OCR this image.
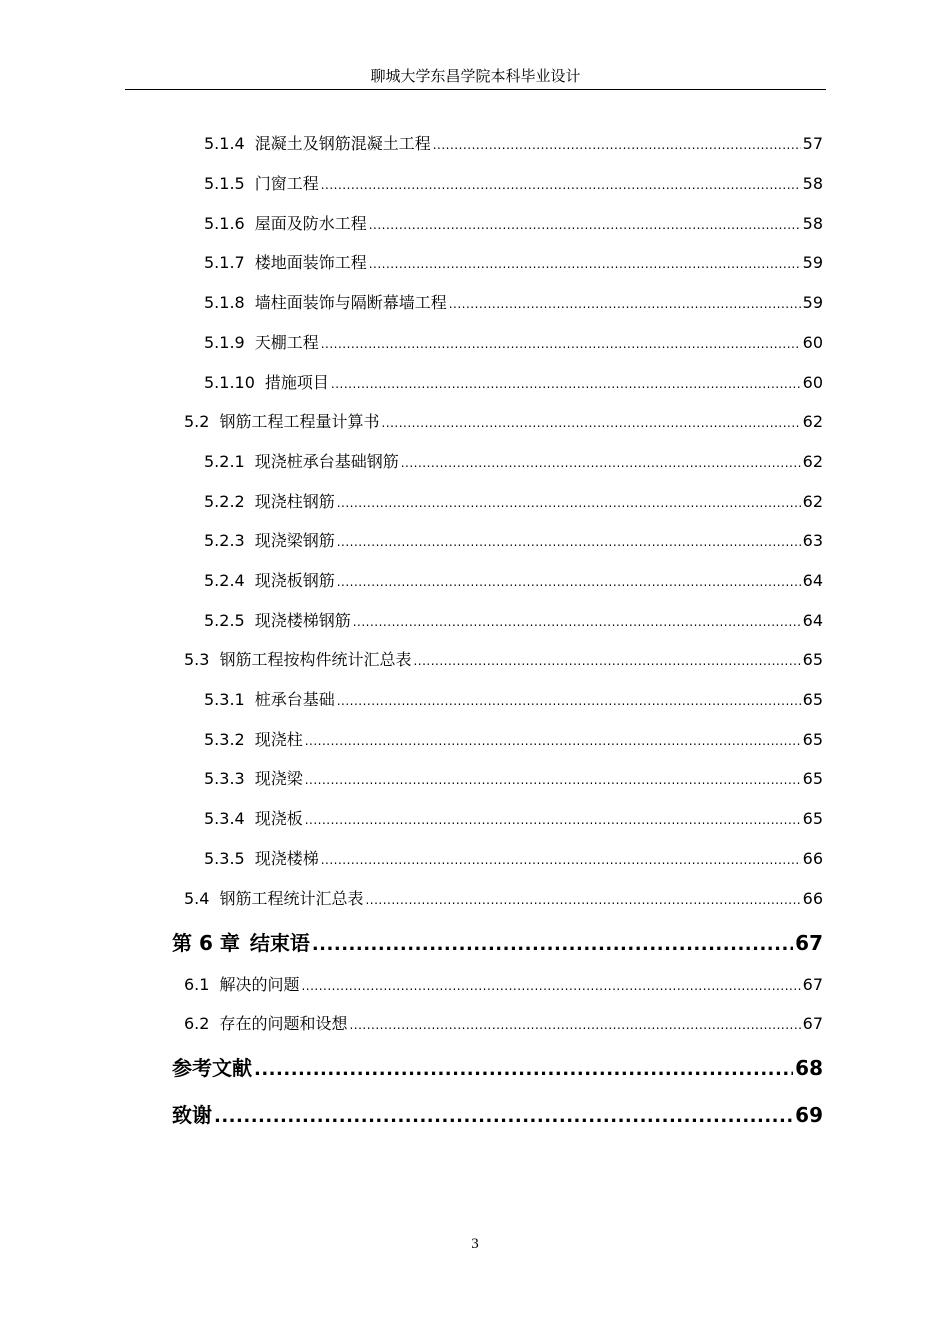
聊城大学东昌学院本科毕业设计
5.1.4 混凝土及钢筋混凝土工程 .....	57
5.1.5 门窗工程 .....	58
5.1.6 屋面及防水工程 .....	58
5.1.7 楼地面装饰工程 .....	59
5.1.8 墙柱面装饰与隔断幕墙工程 .....	59
5.1.9 天棚工程 .....	60
5.1.10 措施项目 .....	60
5.2 钢筋工程工程量计算书 .....	62
5.2.1 现浇桩承台基础钢筋 .....	62
5.2.2 现浇柱钢筋 .....	62
5.2.3 现浇梁钢筋 .....	63
5.2.4 现浇板钢筋 .....	64
5.2.5 现浇楼梯钢筋 .....	64
5.3 钢筋工程按构件统计汇总表 .....	65
5.3.1 桩承台基础 .....	65
5.3.2 现浇柱 .....	65
5.3.3 现浇梁 .....	65
5.3.4 现浇板 .....	65
5.3.5 现浇楼梯 .....	66
5.4 钢筋工程统计汇总表 .....	66
第 6 章 结束语 .....	67
6.1 解决的问题 .....	67
6.2 存在的问题和设想 .....	67
参考文献 .....	68
致谢 .....	69
3
